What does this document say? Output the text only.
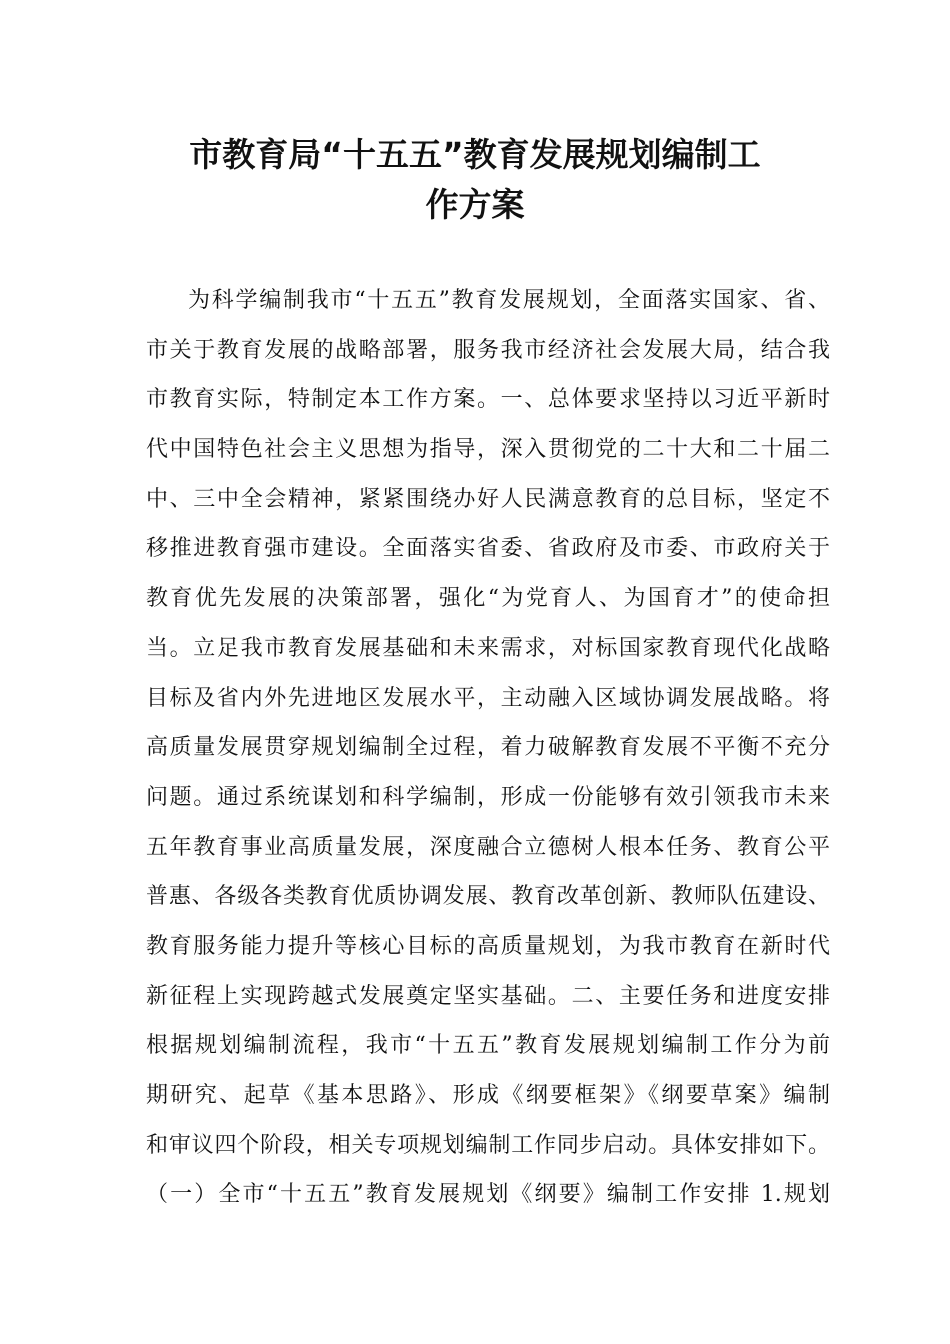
市教育局“十五五”教育发展规划编制工
作方案
为科学编制我市“十五五”教育发展规划，全面落实国家、省、
市关于教育发展的战略部署，服务我市经济社会发展大局，结合我
市教育实际，特制定本工作方案。一、总体要求坚持以习近平新时
代中国特色社会主义思想为指导，深入贯彻党的二十大和二十届二
中、三中全会精神，紧紧围绕办好人民满意教育的总目标，坚定不
移推进教育强市建设。全面落实省委、省政府及市委、市政府关于
教育优先发展的决策部署，强化“为党育人、为国育才”的使命担
当。立足我市教育发展基础和未来需求，对标国家教育现代化战略
目标及省内外先进地区发展水平，主动融入区域协调发展战略。将
高质量发展贯穿规划编制全过程，着力破解教育发展不平衡不充分
问题。通过系统谋划和科学编制，形成一份能够有效引领我市未来
五年教育事业高质量发展，深度融合立德树人根本任务、教育公平
普惠、各级各类教育优质协调发展、教育改革创新、教师队伍建设、
教育服务能力提升等核心目标的高质量规划，为我市教育在新时代
新征程上实现跨越式发展奠定坚实基础。二、主要任务和进度安排
根据规划编制流程，我市“十五五”教育发展规划编制工作分为前
期研究、起草《基本思路》、形成《纲要框架》《纲要草案》编制
和审议四个阶段，相关专项规划编制工作同步启动。具体安排如下。
（一）全市“十五五”教育发展规划《纲要》编制工作安排 1.规划
